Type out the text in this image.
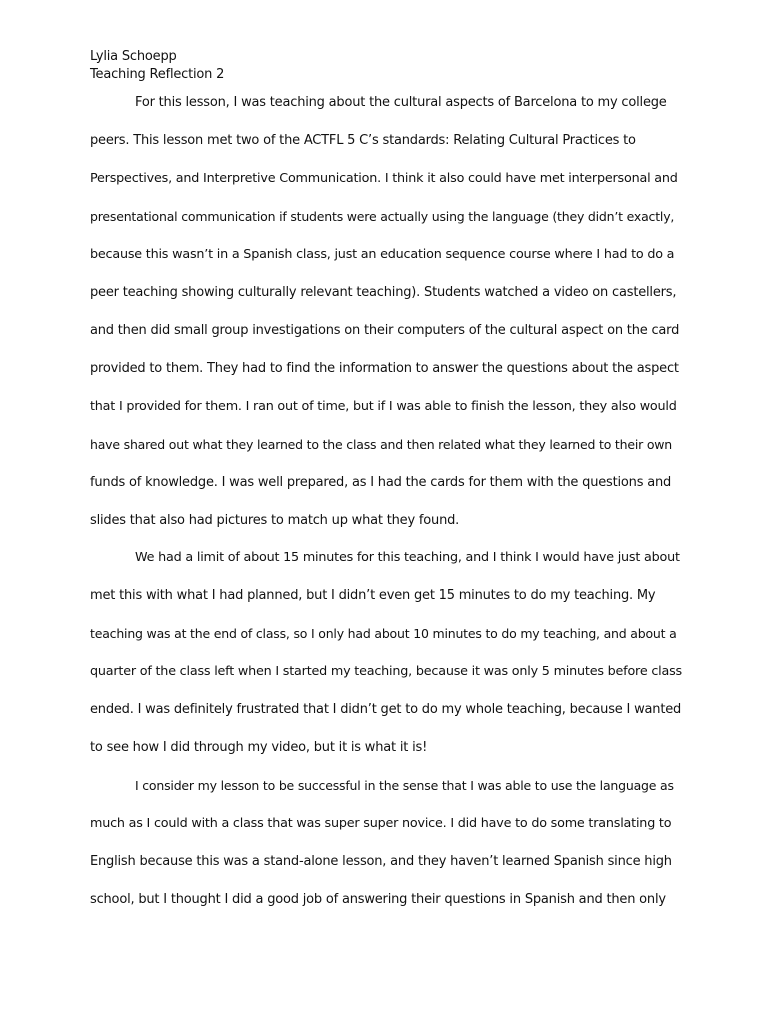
Lylia Schoepp
Teaching Reflection 2
For this lesson, I was teaching about the cultural aspects of Barcelona to my college
peers. This lesson met two of the ACTFL 5 C’s standards: Relating Cultural Practices to
Perspectives, and Interpretive Communication. I think it also could have met interpersonal and
presentational communication if students were actually using the language (they didn’t exactly,
because this wasn’t in a Spanish class, just an education sequence course where I had to do a
peer teaching showing culturally relevant teaching). Students watched a video on castellers,
and then did small group investigations on their computers of the cultural aspect on the card
provided to them. They had to find the information to answer the questions about the aspect
that I provided for them. I ran out of time, but if I was able to finish the lesson, they also would
have shared out what they learned to the class and then related what they learned to their own
funds of knowledge. I was well prepared, as I had the cards for them with the questions and
slides that also had pictures to match up what they found.
We had a limit of about 15 minutes for this teaching, and I think I would have just about
met this with what I had planned, but I didn’t even get 15 minutes to do my teaching. My
teaching was at the end of class, so I only had about 10 minutes to do my teaching, and about a
quarter of the class left when I started my teaching, because it was only 5 minutes before class
ended. I was definitely frustrated that I didn’t get to do my whole teaching, because I wanted
to see how I did through my video, but it is what it is!
I consider my lesson to be successful in the sense that I was able to use the language as
much as I could with a class that was super super novice. I did have to do some translating to
English because this was a stand-alone lesson, and they haven’t learned Spanish since high
school, but I thought I did a good job of answering their questions in Spanish and then only
